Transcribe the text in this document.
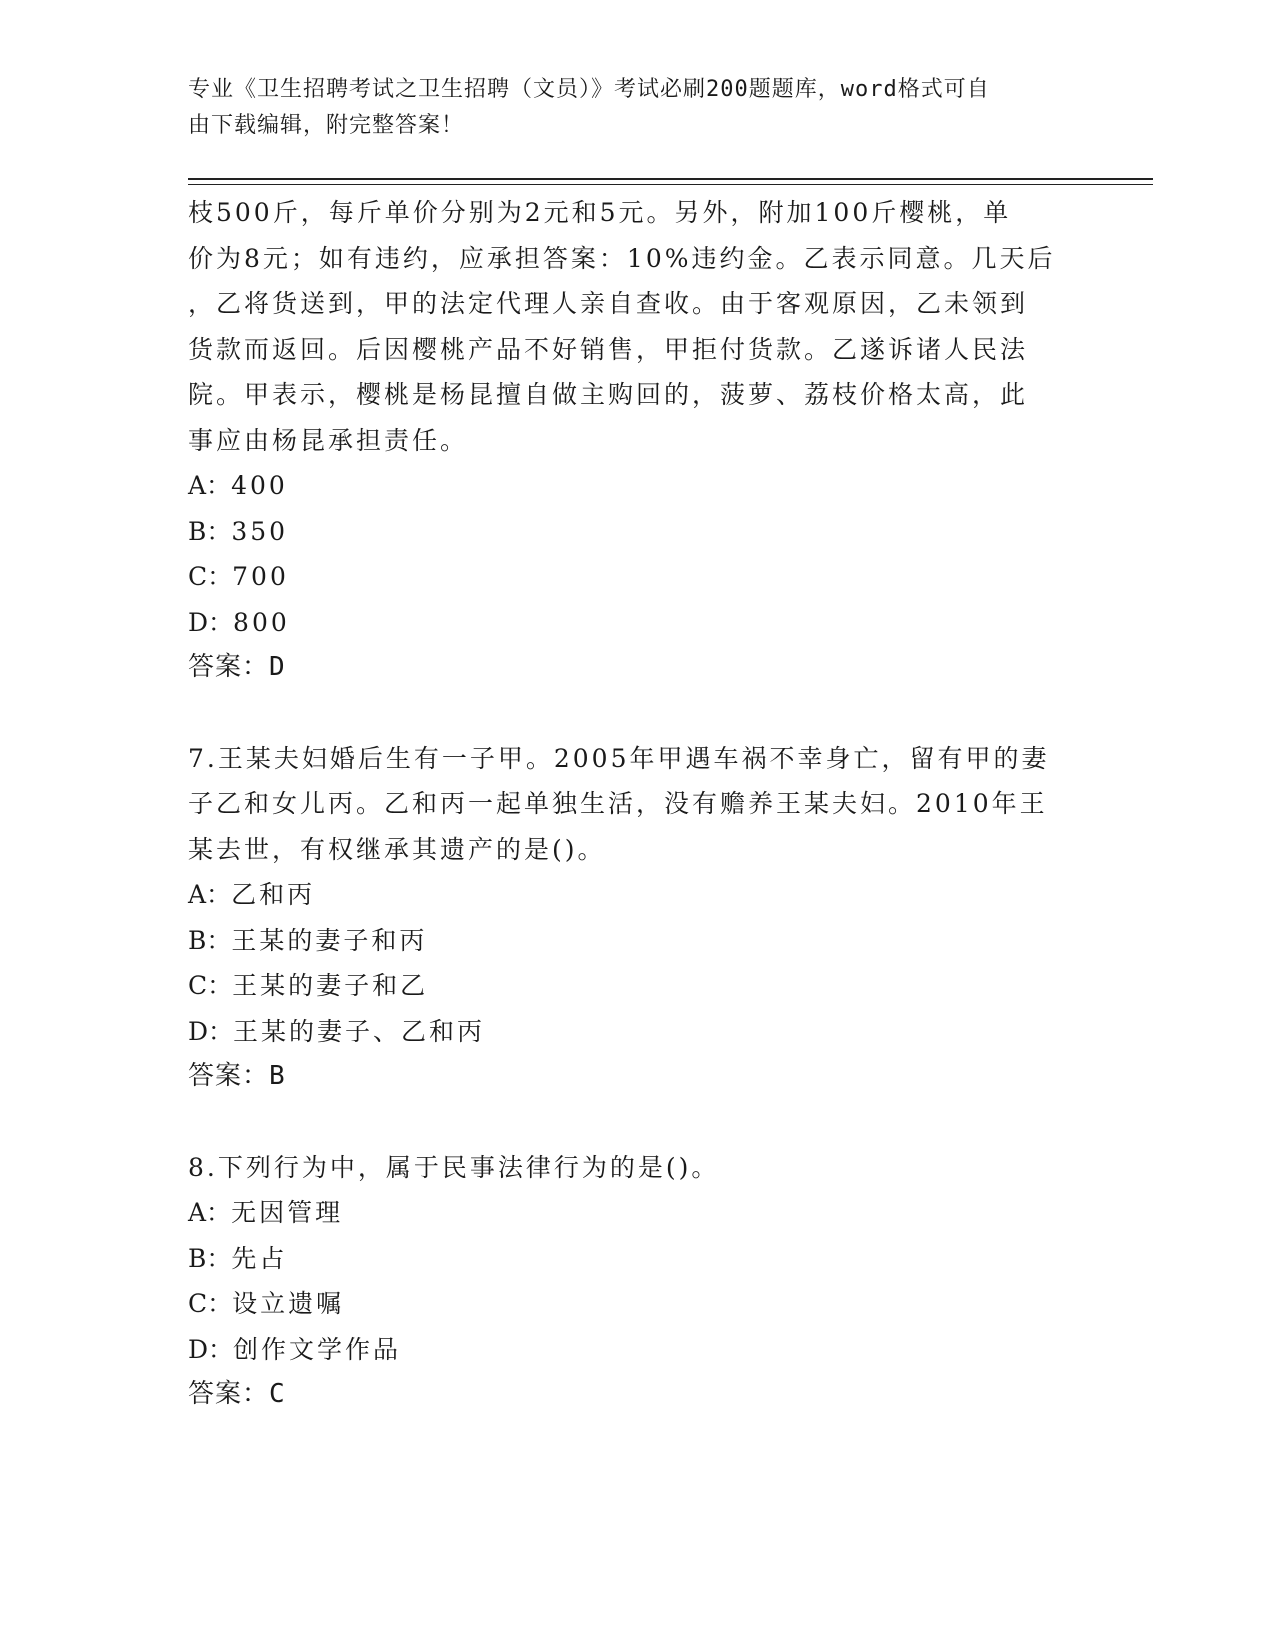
专业《卫生招聘考试之卫生招聘（文员）》考试必刷200题题库，word格式可自
由下载编辑，附完整答案！

枝500斤，每斤单价分别为2元和5元。另外，附加100斤樱桃，单

价为8元；如有违约，应承担答案：10%违约金。乙表示同意。几天后

，乙将货送到，甲的法定代理人亲自查收。由于客观原因，乙未领到

货款而返回。后因樱桃产品不好销售，甲拒付货款。乙遂诉诸人民法

院。甲表示，樱桃是杨昆擅自做主购回的，菠萝、荔枝价格太高，此

事应由杨昆承担责任。

A：400

B：350

C：700

D：800

答案：D

7.王某夫妇婚后生有一子甲。2005年甲遇车祸不幸身亡，留有甲的妻

子乙和女儿丙。乙和丙一起单独生活，没有赡养王某夫妇。2010年王

某去世，有权继承其遗产的是()。

A：乙和丙

B：王某的妻子和丙

C：王某的妻子和乙

D：王某的妻子、乙和丙

答案：B

8.下列行为中，属于民事法律行为的是()。

A：无因管理

B：先占

C：设立遗嘱

D：创作文学作品

答案：C
